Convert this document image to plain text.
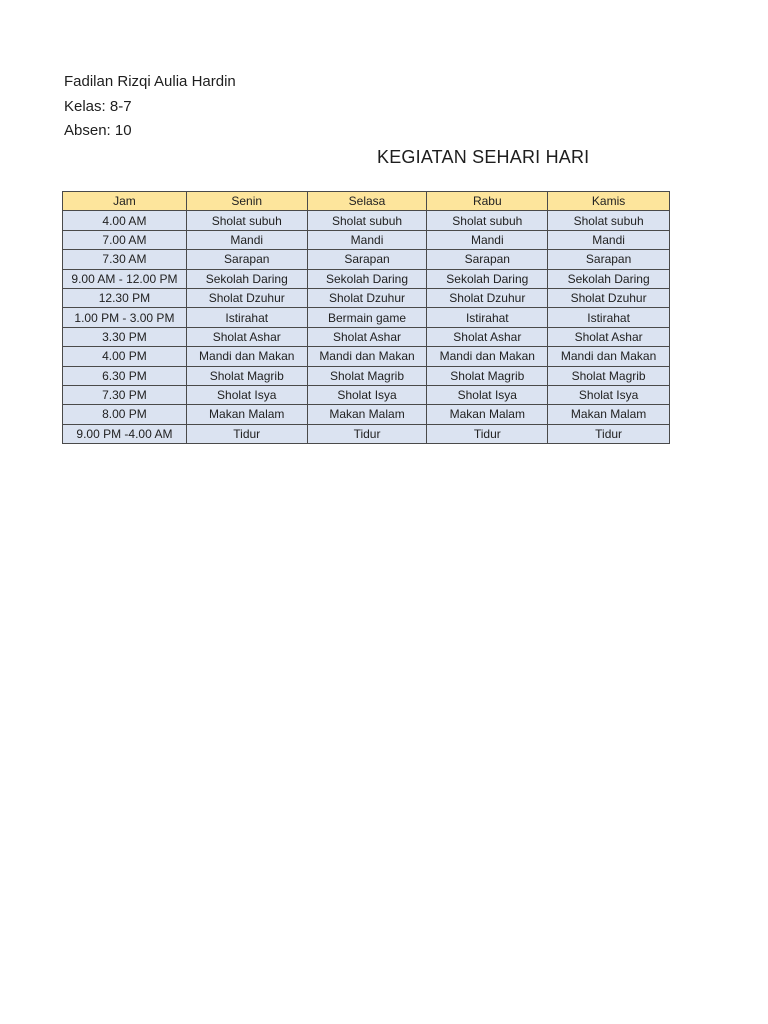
Fadilan Rizqi Aulia Hardin
Kelas: 8-7
Absen: 10
KEGIATAN SEHARI HARI
Jam	Senin	Selasa	Rabu	Kamis
4.00 AM	Sholat subuh	Sholat subuh	Sholat subuh	Sholat subuh
7.00 AM	Mandi	Mandi	Mandi	Mandi
7.30 AM	Sarapan	Sarapan	Sarapan	Sarapan
9.00 AM - 12.00 PM	Sekolah Daring	Sekolah Daring	Sekolah Daring	Sekolah Daring
12.30 PM	Sholat Dzuhur	Sholat Dzuhur	Sholat Dzuhur	Sholat Dzuhur
1.00 PM - 3.00 PM	Istirahat	Bermain game	Istirahat	Istirahat
3.30 PM	Sholat Ashar	Sholat Ashar	Sholat Ashar	Sholat Ashar
4.00 PM	Mandi dan Makan	Mandi dan Makan	Mandi dan Makan	Mandi dan Makan
6.30 PM	Sholat Magrib	Sholat Magrib	Sholat Magrib	Sholat Magrib
7.30 PM	Sholat Isya	Sholat Isya	Sholat Isya	Sholat Isya
8.00 PM	Makan Malam	Makan Malam	Makan Malam	Makan Malam
9.00 PM -4.00 AM	Tidur	Tidur	Tidur	Tidur
